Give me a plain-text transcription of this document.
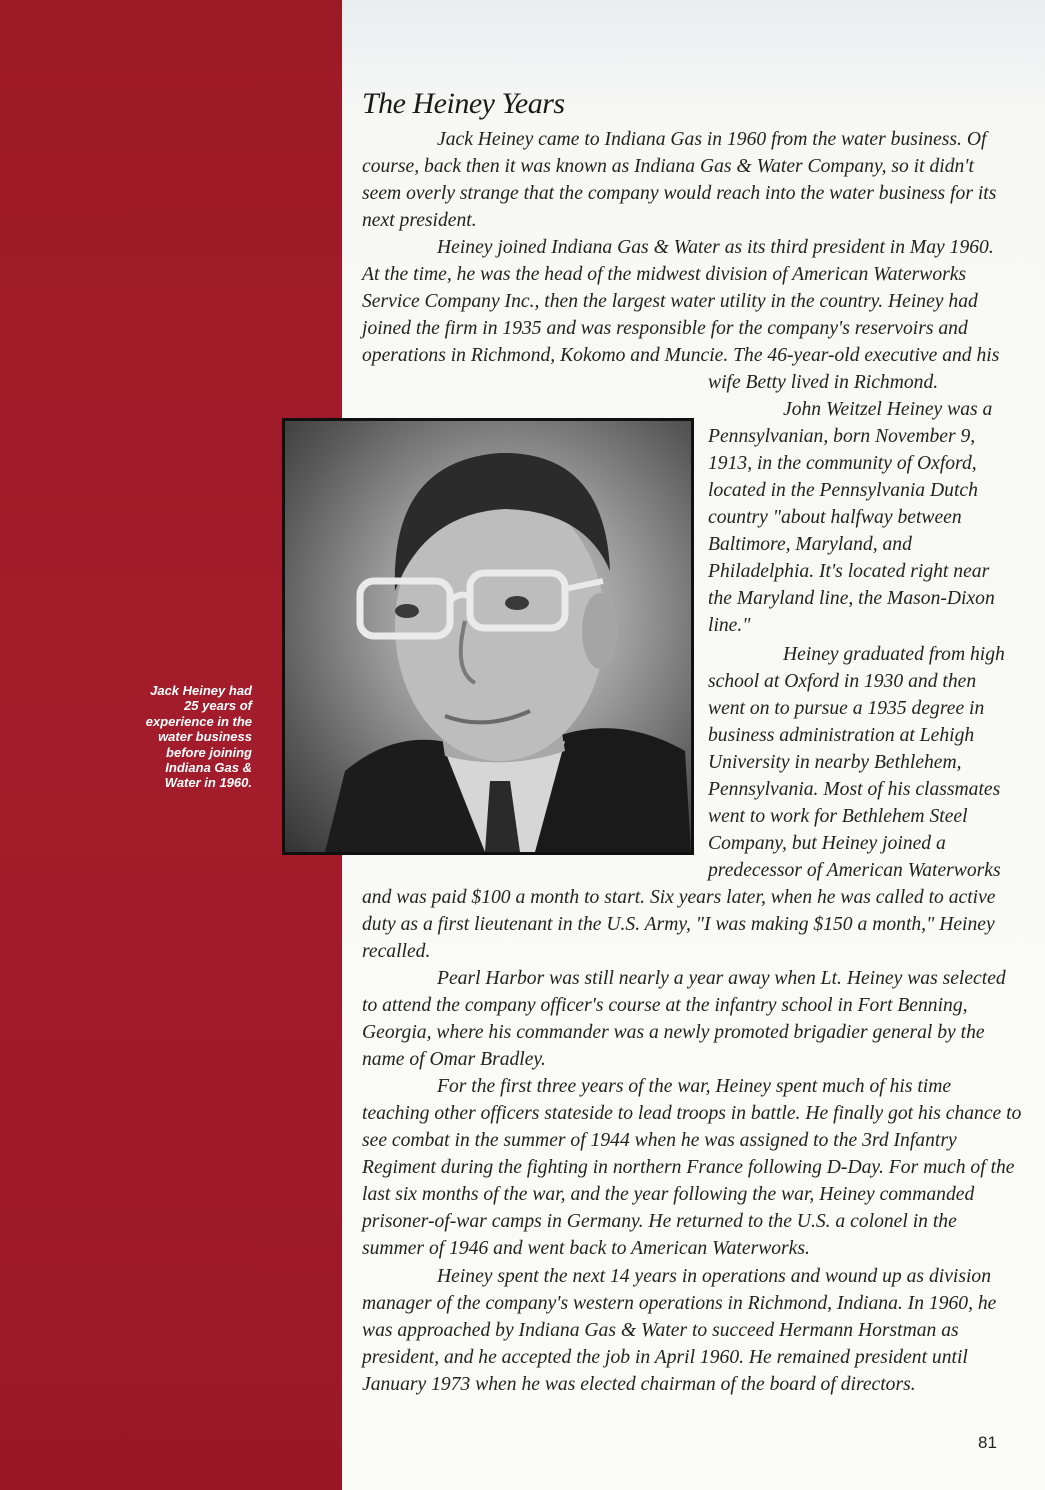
Jack Heiney had
25 years of
experience in the
water business
before joining
Indiana Gas &
Water in 1960.
The Heiney Years
Jack Heiney came to Indiana Gas in 1960 from the water business. Of
course, back then it was known as Indiana Gas & Water Company, so it didn't
seem overly strange that the company would reach into the water business for its
next president.
Heiney joined Indiana Gas & Water as its third president in May 1960.
At the time, he was the head of the midwest division of American Waterworks
Service Company Inc., then the largest water utility in the country. Heiney had
joined the firm in 1935 and was responsible for the company's reservoirs and
operations in Richmond, Kokomo and Muncie. The 46-year-old executive and his
wife Betty lived in Richmond.
John Weitzel Heiney was a
Pennsylvanian, born November 9,
1913, in the community of Oxford,
located in the Pennsylvania Dutch
country "about halfway between
Baltimore, Maryland, and
Philadelphia. It's located right near
the Maryland line, the Mason-Dixon
line."
Heiney graduated from high
school at Oxford in 1930 and then
went on to pursue a 1935 degree in
business administration at Lehigh
University in nearby Bethlehem,
Pennsylvania. Most of his classmates
went to work for Bethlehem Steel
Company, but Heiney joined a
predecessor of American Waterworks
and was paid $100 a month to start. Six years later, when he was called to active
duty as a first lieutenant in the U.S. Army, "I was making $150 a month," Heiney
recalled.
Pearl Harbor was still nearly a year away when Lt. Heiney was selected
to attend the company officer's course at the infantry school in Fort Benning,
Georgia, where his commander was a newly promoted brigadier general by the
name of Omar Bradley.
For the first three years of the war, Heiney spent much of his time
teaching other officers stateside to lead troops in battle. He finally got his chance to
see combat in the summer of 1944 when he was assigned to the 3rd Infantry
Regiment during the fighting in northern France following D-Day. For much of the
last six months of the war, and the year following the war, Heiney commanded
prisoner-of-war camps in Germany. He returned to the U.S. a colonel in the
summer of 1946 and went back to American Waterworks.
Heiney spent the next 14 years in operations and wound up as division
manager of the company's western operations in Richmond, Indiana. In 1960, he
was approached by Indiana Gas & Water to succeed Hermann Horstman as
president, and he accepted the job in April 1960. He remained president until
January 1973 when he was elected chairman of the board of directors.
81
